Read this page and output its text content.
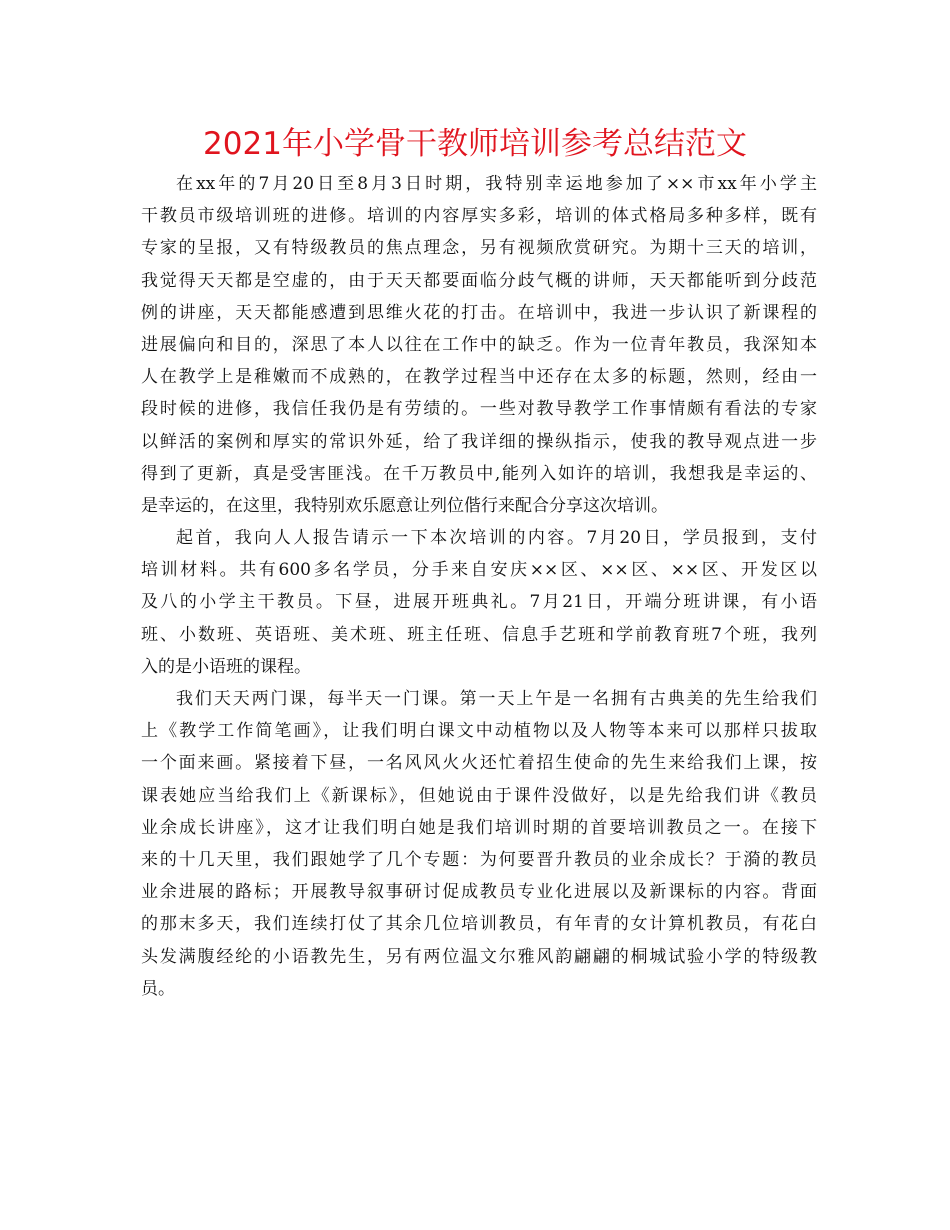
2021年小学骨干教师培训参考总结范文
在xx年的7月20日至8月3日时期，我特别幸运地参加了××市xx年小学主
干教员市级培训班的进修。培训的内容厚实多彩，培训的体式格局多种多样，既有
专家的呈报，又有特级教员的焦点理念，另有视频欣赏研究。为期十三天的培训，
我觉得天天都是空虚的，由于天天都要面临分歧气概的讲师，天天都能听到分歧范
例的讲座，天天都能感遭到思维火花的打击。在培训中，我进一步认识了新课程的
进展偏向和目的，深思了本人以往在工作中的缺乏。作为一位青年教员，我深知本
人在教学上是稚嫩而不成熟的，在教学过程当中还存在太多的标题，然则，经由一
段时候的进修，我信任我仍是有劳绩的。一些对教导教学工作事情颇有看法的专家
以鲜活的案例和厚实的常识外延，给了我详细的操纵指示，使我的教导观点进一步
得到了更新，真是受害匪浅。在千万教员中,能列入如许的培训，我想我是幸运的、
是幸运的，在这里，我特别欢乐愿意让列位偕行来配合分享这次培训。
起首，我向人人报告请示一下本次培训的内容。7月20日，学员报到，支付
培训材料。共有600多名学员，分手来自安庆××区、××区、××区、开发区以
及八的小学主干教员。下昼，进展开班典礼。7月21日，开端分班讲课，有小语
班、小数班、英语班、美术班、班主任班、信息手艺班和学前教育班7个班，我列
入的是小语班的课程。
我们天天两门课，每半天一门课。第一天上午是一名拥有古典美的先生给我们
上《教学工作简笔画》，让我们明白课文中动植物以及人物等本来可以那样只拔取
一个面来画。紧接着下昼，一名风风火火还忙着招生使命的先生来给我们上课，按
课表她应当给我们上《新课标》，但她说由于课件没做好，以是先给我们讲《教员
业余成长讲座》，这才让我们明白她是我们培训时期的首要培训教员之一。在接下
来的十几天里，我们跟她学了几个专题：为何要晋升教员的业余成长？于漪的教员
业余进展的路标；开展教导叙事研讨促成教员专业化进展以及新课标的内容。背面
的那末多天，我们连续打仗了其余几位培训教员，有年青的女计算机教员，有花白
头发满腹经纶的小语教先生，另有两位温文尔雅风韵翩翩的桐城试验小学的特级教
员。
